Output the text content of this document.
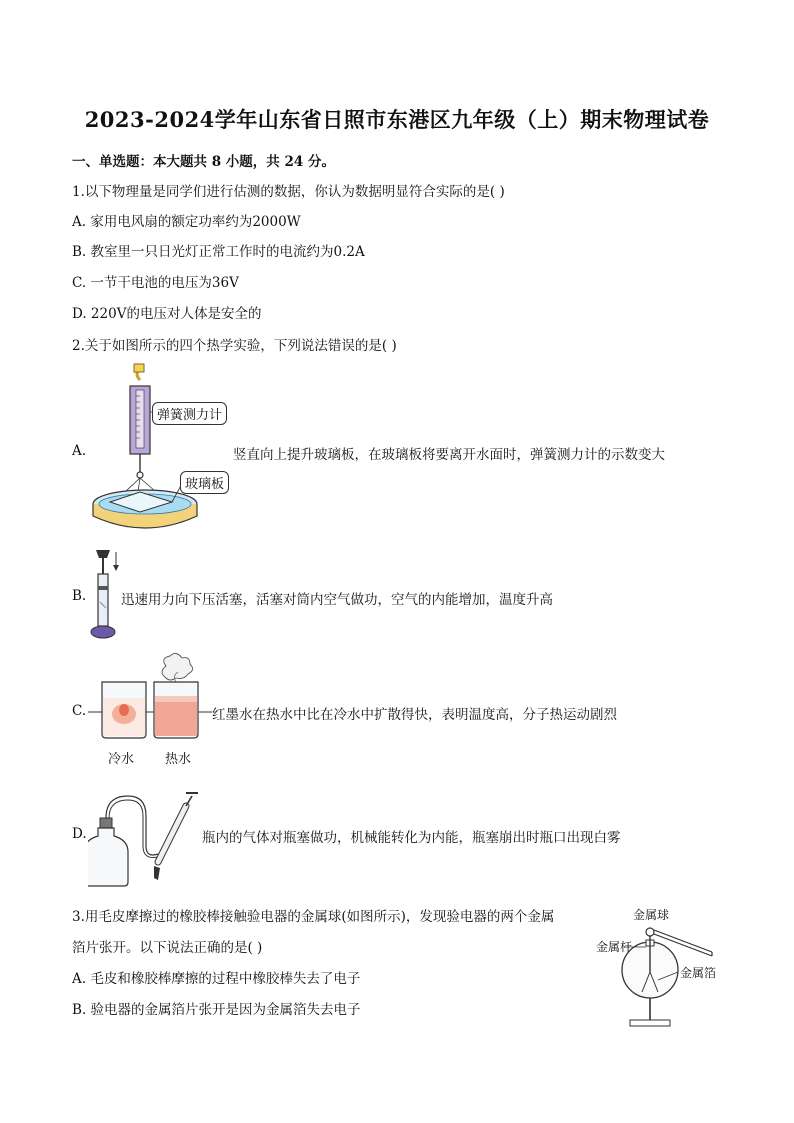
2023-2024学年山东省日照市东港区九年级（上）期末物理试卷
一、单选题：本大题共 8 小题，共 24 分。
1.以下物理量是同学们进行估测的数据，你认为数据明显符合实际的是( )
A. 家用电风扇的额定功率约为2000W
B. 教室里一只日光灯正常工作时的电流约为0.2A
C. 一节干电池的电压为36V
D. 220V的电压对人体是安全的
2.关于如图所示的四个热学实验，下列说法错误的是( )
A.
弹簧测力计
玻璃板
竖直向上提升玻璃板，在玻璃板将要离开水面时，弹簧测力计的示数变大
B.	迅速用力向下压活塞，活塞对筒内空气做功，空气的内能增加，温度升高
C.
冷水 热水
红墨水在热水中比在冷水中扩散得快，表明温度高，分子热运动剧烈
D.	瓶内的气体对瓶塞做功，机械能转化为内能，瓶塞崩出时瓶口出现白雾
3.用毛皮摩擦过的橡胶棒接触验电器的金属球(如图所示)，发现验电器的两个金属
箔片张开。以下说法正确的是( )
A. 毛皮和橡胶棒摩擦的过程中橡胶棒失去了电子
B. 验电器的金属箔片张开是因为金属箔失去电子
金属球
金属杆
金属箔
